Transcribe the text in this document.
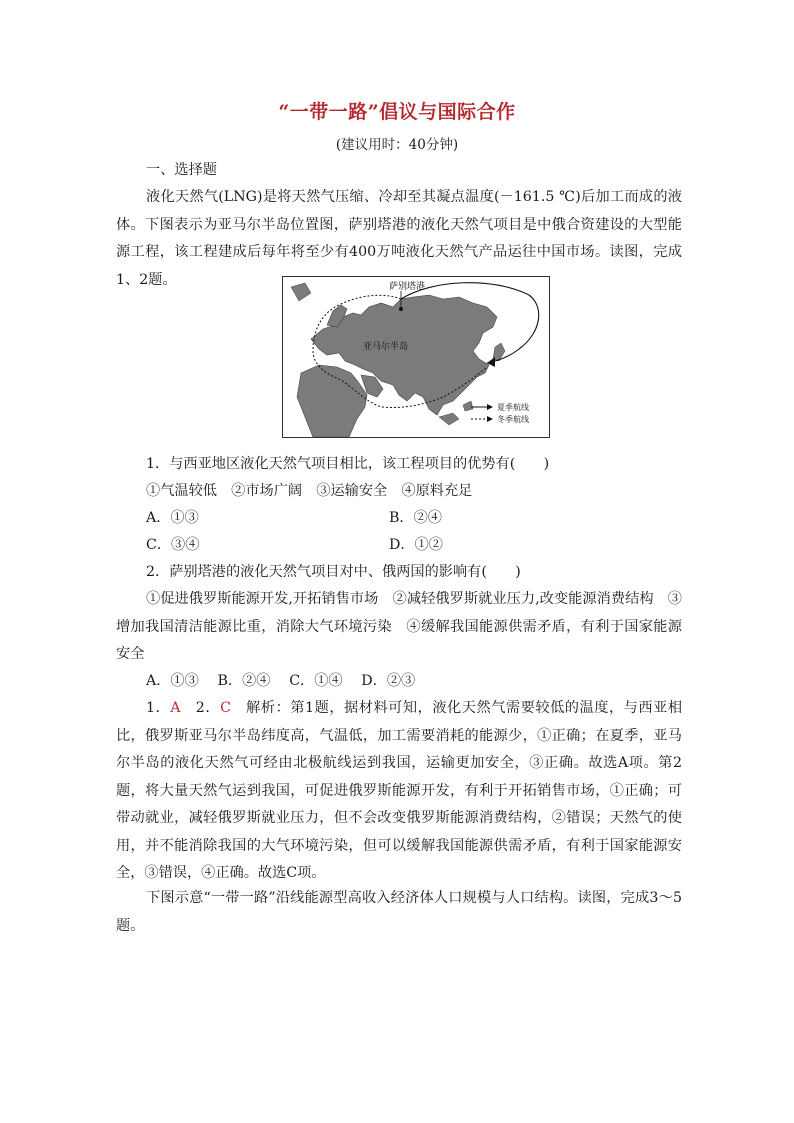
“一带一路”倡议与国际合作
(建议用时：40分钟)
一、选择题
液化天然气(LNG)是将天然气压缩、冷却至其凝点温度(－161.5 ℃)后加工而成的液体。下图表示为亚马尔半岛位置图，萨别塔港的液化天然气项目是中俄合资建设的大型能源工程，该工程建成后每年将至少有400万吨液化天然气产品运往中国市场。读图，完成1、2题。	萨别塔港
亚马尔半岛
夏季航线
冬季航线
1．与西亚地区液化天然气项目相比，该工程项目的优势有(　　)
①气温较低　②市场广阔　③运输安全　④原料充足
A．①③	B．②④
C．③④	D．①②
2．萨别塔港的液化天然气项目对中、俄两国的影响有(　　)
①促进俄罗斯能源开发,开拓销售市场　②减轻俄罗斯就业压力,改变能源消费结构　③增加我国清洁能源比重，消除大气环境污染　④缓解我国能源供需矛盾，有利于国家能源安全
A．①③　 B．②④　 C．①④　 D．②③
1．A　2．C　解析：第1题，据材料可知，液化天然气需要较低的温度，与西亚相比，俄罗斯亚马尔半岛纬度高，气温低，加工需要消耗的能源少，①正确；在夏季，亚马尔半岛的液化天然气可经由北极航线运到我国，运输更加安全，③正确。故选A项。第2题，将大量天然气运到我国，可促进俄罗斯能源开发，有利于开拓销售市场，①正确；可带动就业，减轻俄罗斯就业压力，但不会改变俄罗斯能源消费结构，②错误；天然气的使用，并不能消除我国的大气环境污染，但可以缓解我国能源供需矛盾，有利于国家能源安全，③错误，④正确。故选C项。
下图示意“一带一路”沿线能源型高收入经济体人口规模与人口结构。读图，完成3～5题。
